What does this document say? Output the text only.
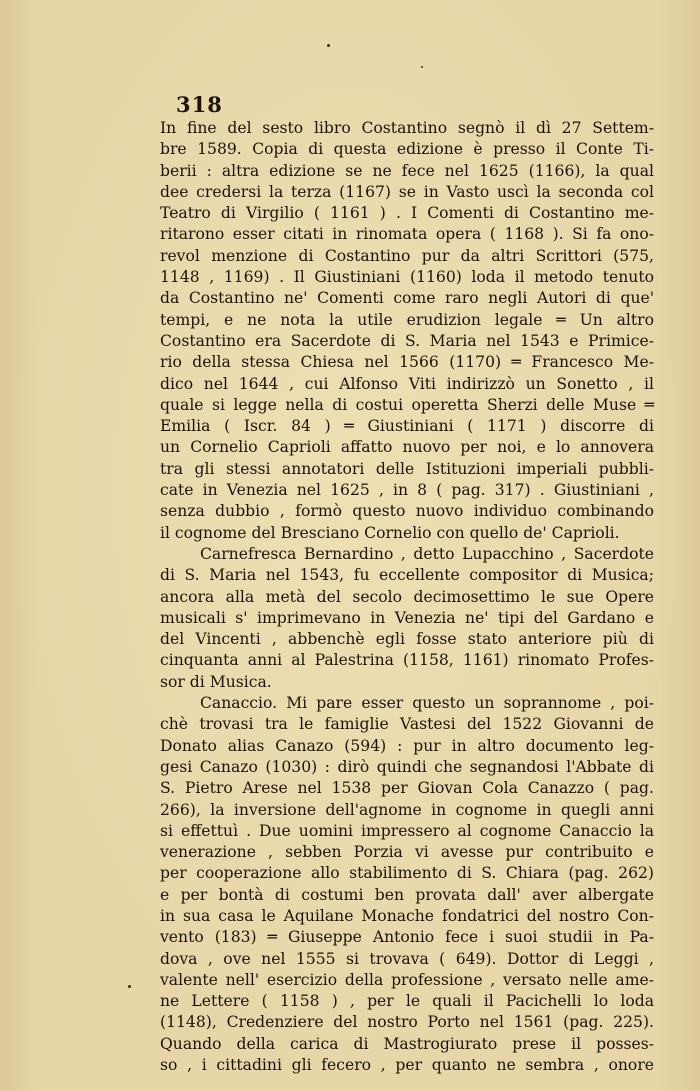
318
In fine del sesto libro Costantino segnò il dì 27 Settem-
bre 1589. Copia di questa edizione è presso il Conte Ti-
berii : altra edizione se ne fece nel 1625 (1166), la qual
dee credersi la terza (1167) se in Vasto uscì la seconda col
Teatro di Virgilio ( 1161 ) . I Comenti di Costantino me-
ritarono esser citati in rinomata opera ( 1168 ). Si fa ono-
revol menzione di Costantino pur da altri Scrittori (575,
1148 , 1169) . Il Giustiniani (1160) loda il metodo tenuto
da Costantino ne' Comenti come raro negli Autori di que'
tempi, e ne nota la utile erudizion legale ═ Un altro
Costantino era Sacerdote di S. Maria nel 1543 e Primice-
rio della stessa Chiesa nel 1566 (1170) ═ Francesco Me-
dico nel 1644 , cui Alfonso Viti indirizzò un Sonetto , il
quale si legge nella di costui operetta Sherzi delle Muse ═
Emilia ( Iscr. 84 ) ═ Giustiniani ( 1171 ) discorre di
un Cornelio Caprioli affatto nuovo per noi, e lo annovera
tra gli stessi annotatori delle Istituzioni imperiali pubbli-
cate in Venezia nel 1625 , in 8 ( pag. 317) . Giustiniani ,
senza dubbio , formò questo nuovo individuo combinando
il cognome del Bresciano Cornelio con quello de' Caprioli.
Carnefresca Bernardino , detto Lupacchino , Sacerdote
di S. Maria nel 1543, fu eccellente compositor di Musica;
ancora alla metà del secolo decimosettimo le sue Opere
musicali s' imprimevano in Venezia ne' tipi del Gardano e
del Vincenti , abbenchè egli fosse stato anteriore più di
cinquanta anni al Palestrina (1158, 1161) rinomato Profes-
sor di Musica.
Canaccio. Mi pare esser questo un soprannome , poi-
chè trovasi tra le famiglie Vastesi del 1522 Giovanni de
Donato alias Canazo (594) : pur in altro documento leg-
gesi Canazo (1030) : dirò quindi che segnandosi l'Abbate di
S. Pietro Arese nel 1538 per Giovan Cola Canazzo ( pag.
266), la inversione dell'agnome in cognome in quegli anni
si effettuì . Due uomini impressero al cognome Canaccio la
venerazione , sebben Porzia vi avesse pur contribuito e
per cooperazione allo stabilimento di S. Chiara (pag. 262)
e per bontà di costumi ben provata dall' aver albergate
in sua casa le Aquilane Monache fondatrici del nostro Con-
vento (183) ═ Giuseppe Antonio fece i suoi studii in Pa-
dova , ove nel 1555 si trovava ( 649). Dottor di Leggi ,
valente nell' esercizio della professione , versato nelle ame-
ne Lettere ( 1158 ) , per le quali il Pacichelli lo loda
(1148), Credenziere del nostro Porto nel 1561 (pag. 225).
Quando della carica di Mastrogiurato prese il posses-
so , i cittadini gli fecero , per quanto ne sembra , onore
